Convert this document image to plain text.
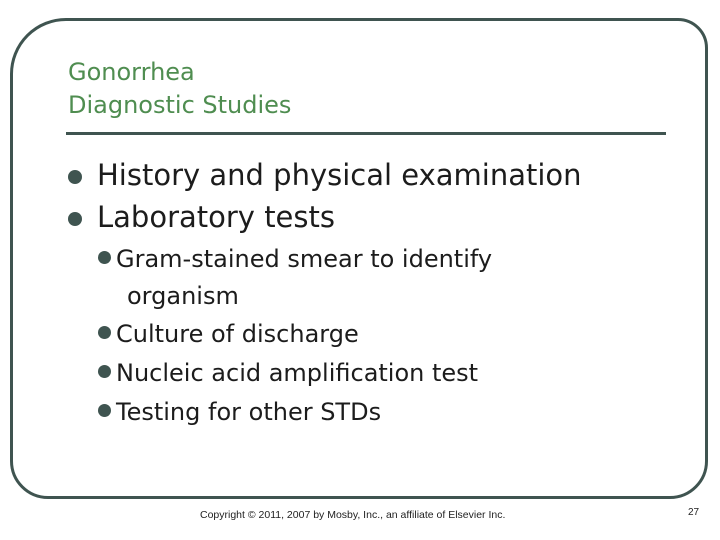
Gonorrhea
Diagnostic Studies
History and physical examination
Laboratory tests
Gram-stained smear to identify
organism
Culture of discharge
Nucleic acid amplification test
Testing for other STDs
Copyright © 2011, 2007 by Mosby, Inc., an affiliate of Elsevier Inc.	27
